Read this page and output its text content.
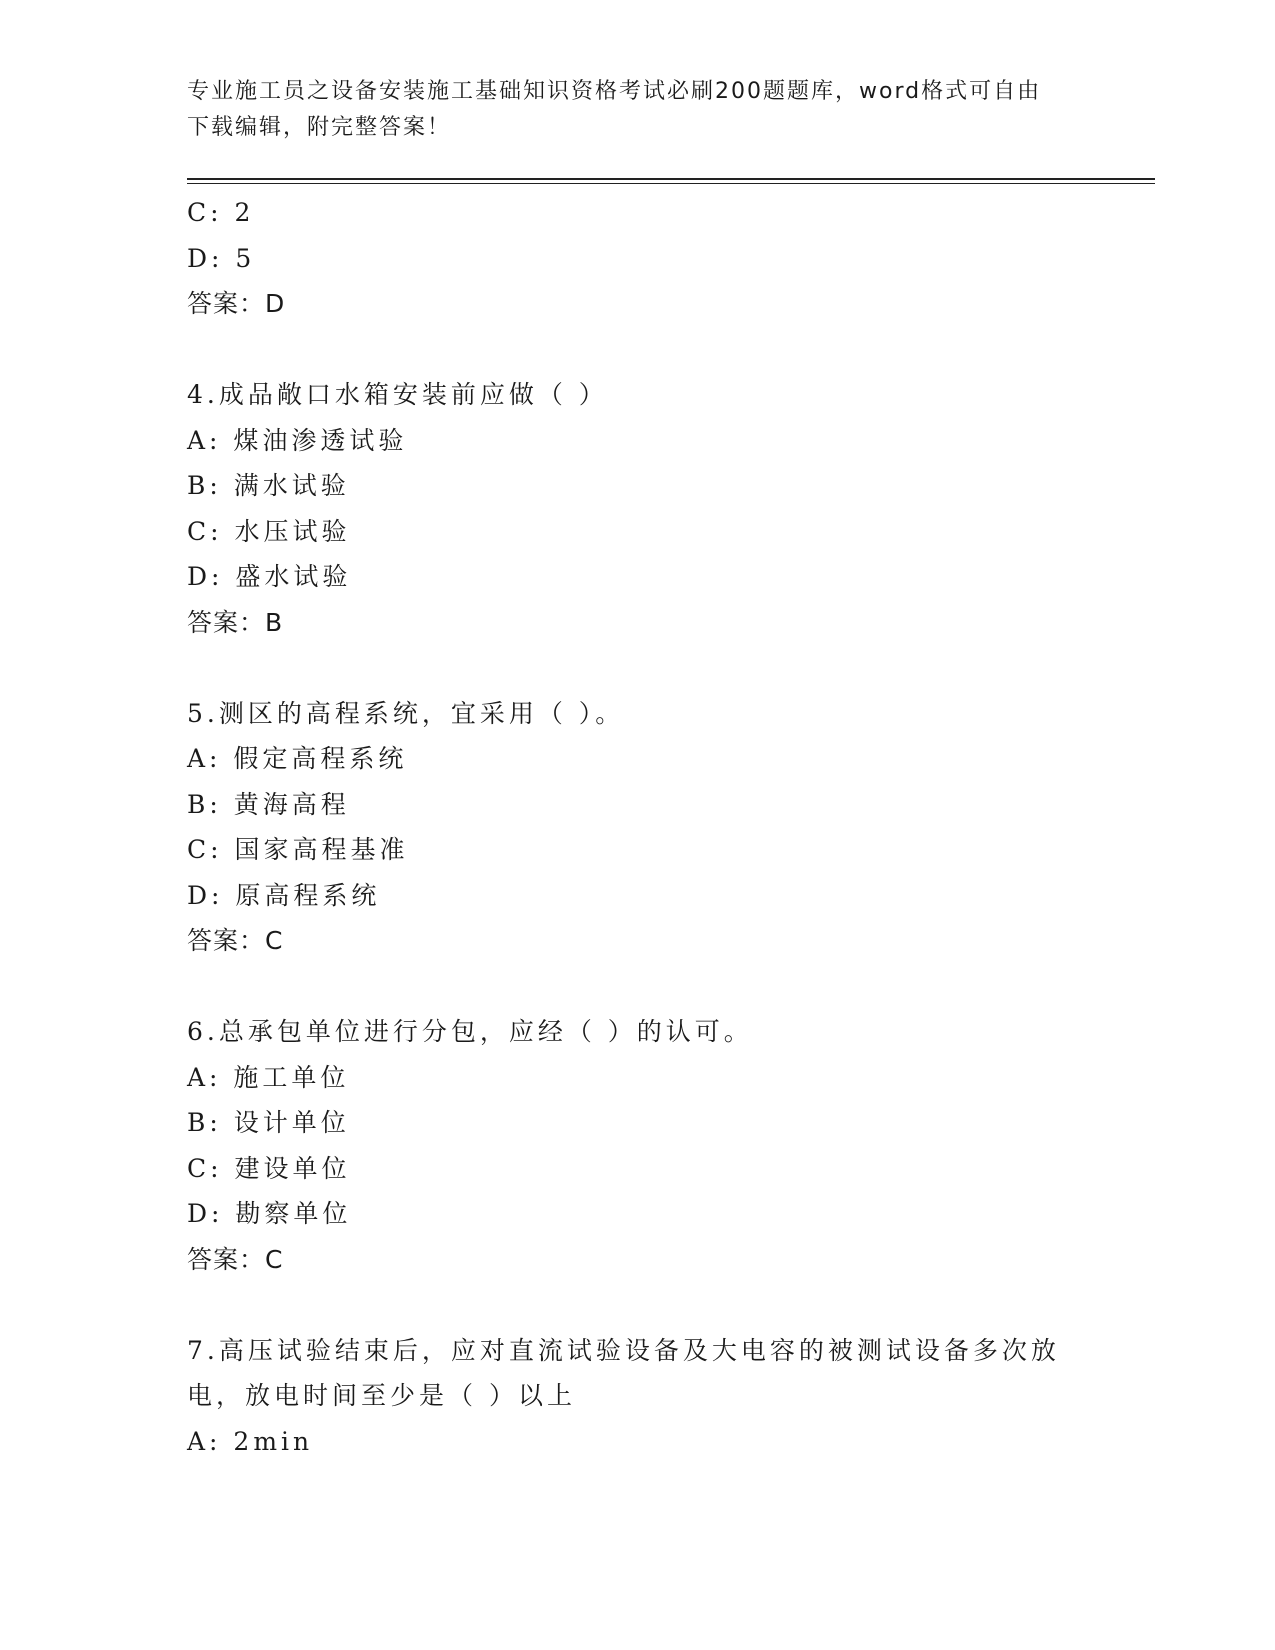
专业施工员之设备安装施工基础知识资格考试必刷200题题库，word格式可自由
下载编辑，附完整答案！
C: 2
D: 5
答案：D
4.成品敞口水箱安装前应做（ ）
A: 煤油渗透试验
B: 满水试验
C: 水压试验
D: 盛水试验
答案：B
5.测区的高程系统，宜采用（ ）。
A: 假定高程系统
B: 黄海高程
C: 国家高程基准
D: 原高程系统
答案：C
6.总承包单位进行分包，应经（ ）的认可。
A: 施工单位
B: 设计单位
C: 建设单位
D: 勘察单位
答案：C
7.高压试验结束后，应对直流试验设备及大电容的被测试设备多次放
电，放电时间至少是（ ）以上
A: 2min
